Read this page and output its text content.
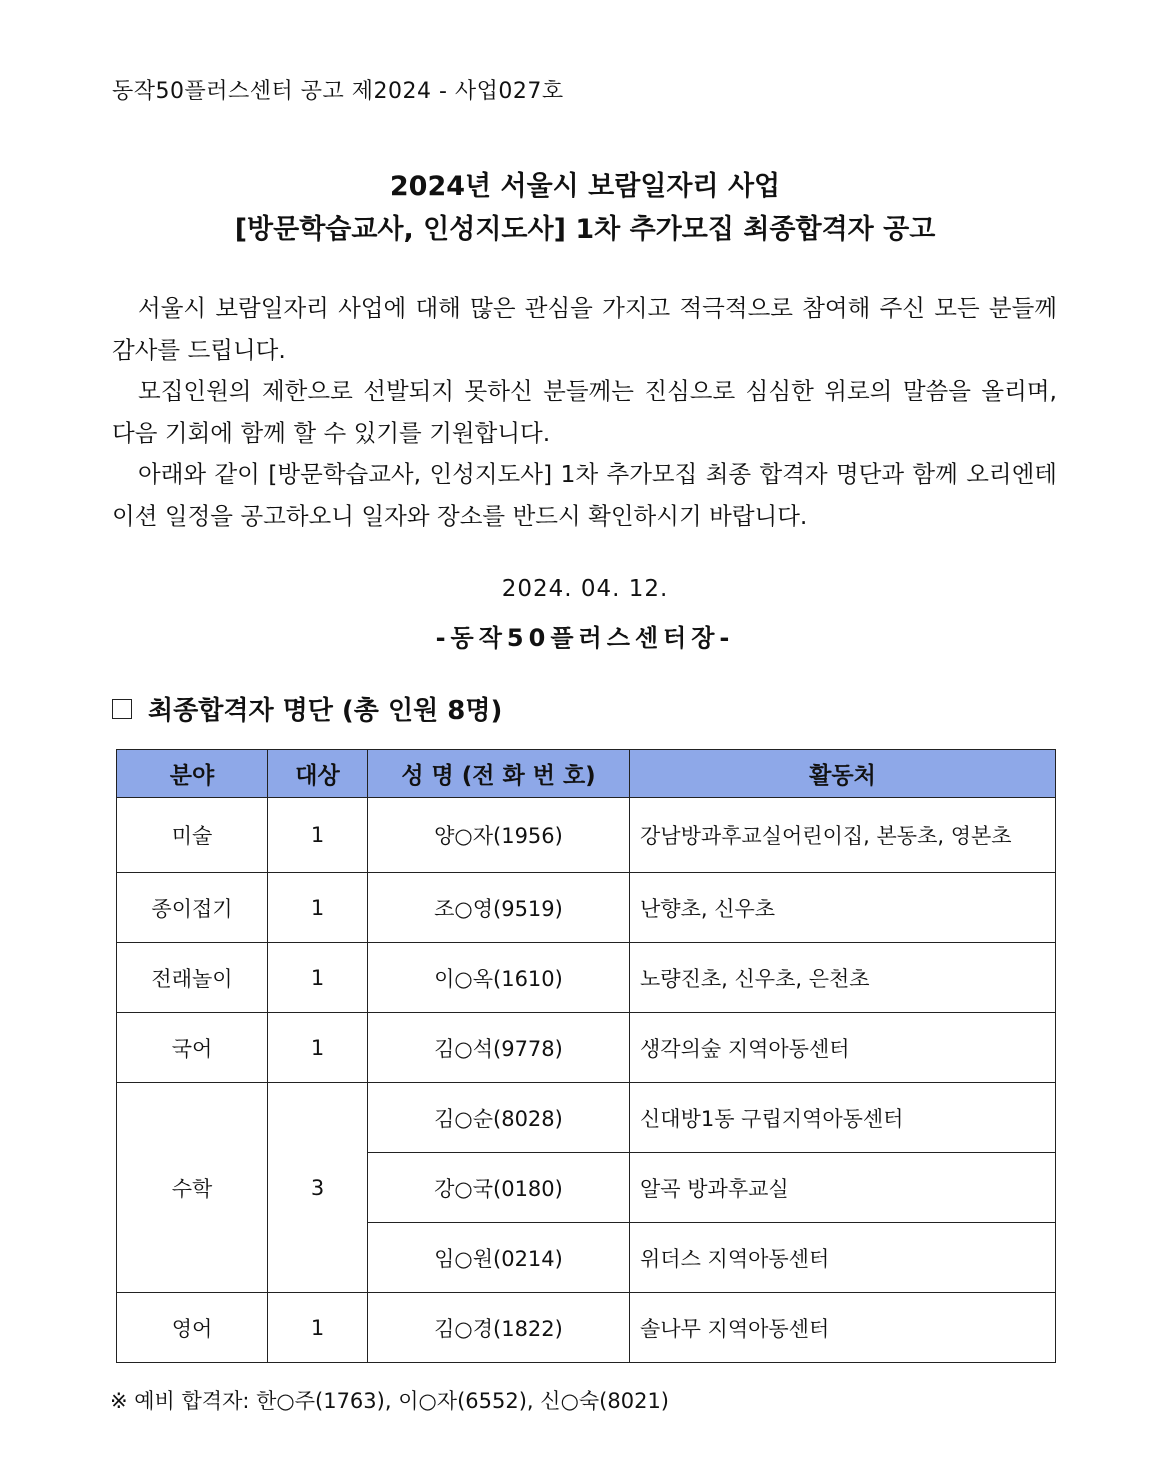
동작50플러스센터 공고 제2024 - 사업027호
2024년 서울시 보람일자리 사업
[방문학습교사, 인성지도사] 1차 추가모집 최종합격자 공고

서울시 보람일자리 사업에 대해 많은 관심을 가지고 적극적으로 참여해 주신 모든 분들께 감사를 드립니다.

모집인원의 제한으로 선발되지 못하신 분들께는 진심으로 심심한 위로의 말씀을 올리며, 다음 기회에 함께 할 수 있기를 기원합니다.

아래와 같이 [방문학습교사, 인성지도사] 1차 추가모집 최종 합격자 명단과 함께 오리엔테이션 일정을 공고하오니 일자와 장소를 반드시 확인하시기 바랍니다.

2024. 04. 12.
-동작50플러스센터장-
최종합격자 명단 (총 인원 8명)
분야	대상	성 명 (전 화 번 호)	활동처
미술	1	양○자(1956)	강남방과후교실어린이집, 본동초, 영본초
종이접기	1	조○영(9519)	난향초, 신우초
전래놀이	1	이○옥(1610)	노량진초, 신우초, 은천초
국어	1	김○석(9778)	생각의숲 지역아동센터
수학	3	김○순(8028)	신대방1동 구립지역아동센터
		강○국(0180)	알곡 방과후교실
		임○원(0214)	위더스 지역아동센터
영어	1	김○경(1822)	솔나무 지역아동센터
※ 예비 합격자: 한○주(1763), 이○자(6552), 신○숙(8021)
